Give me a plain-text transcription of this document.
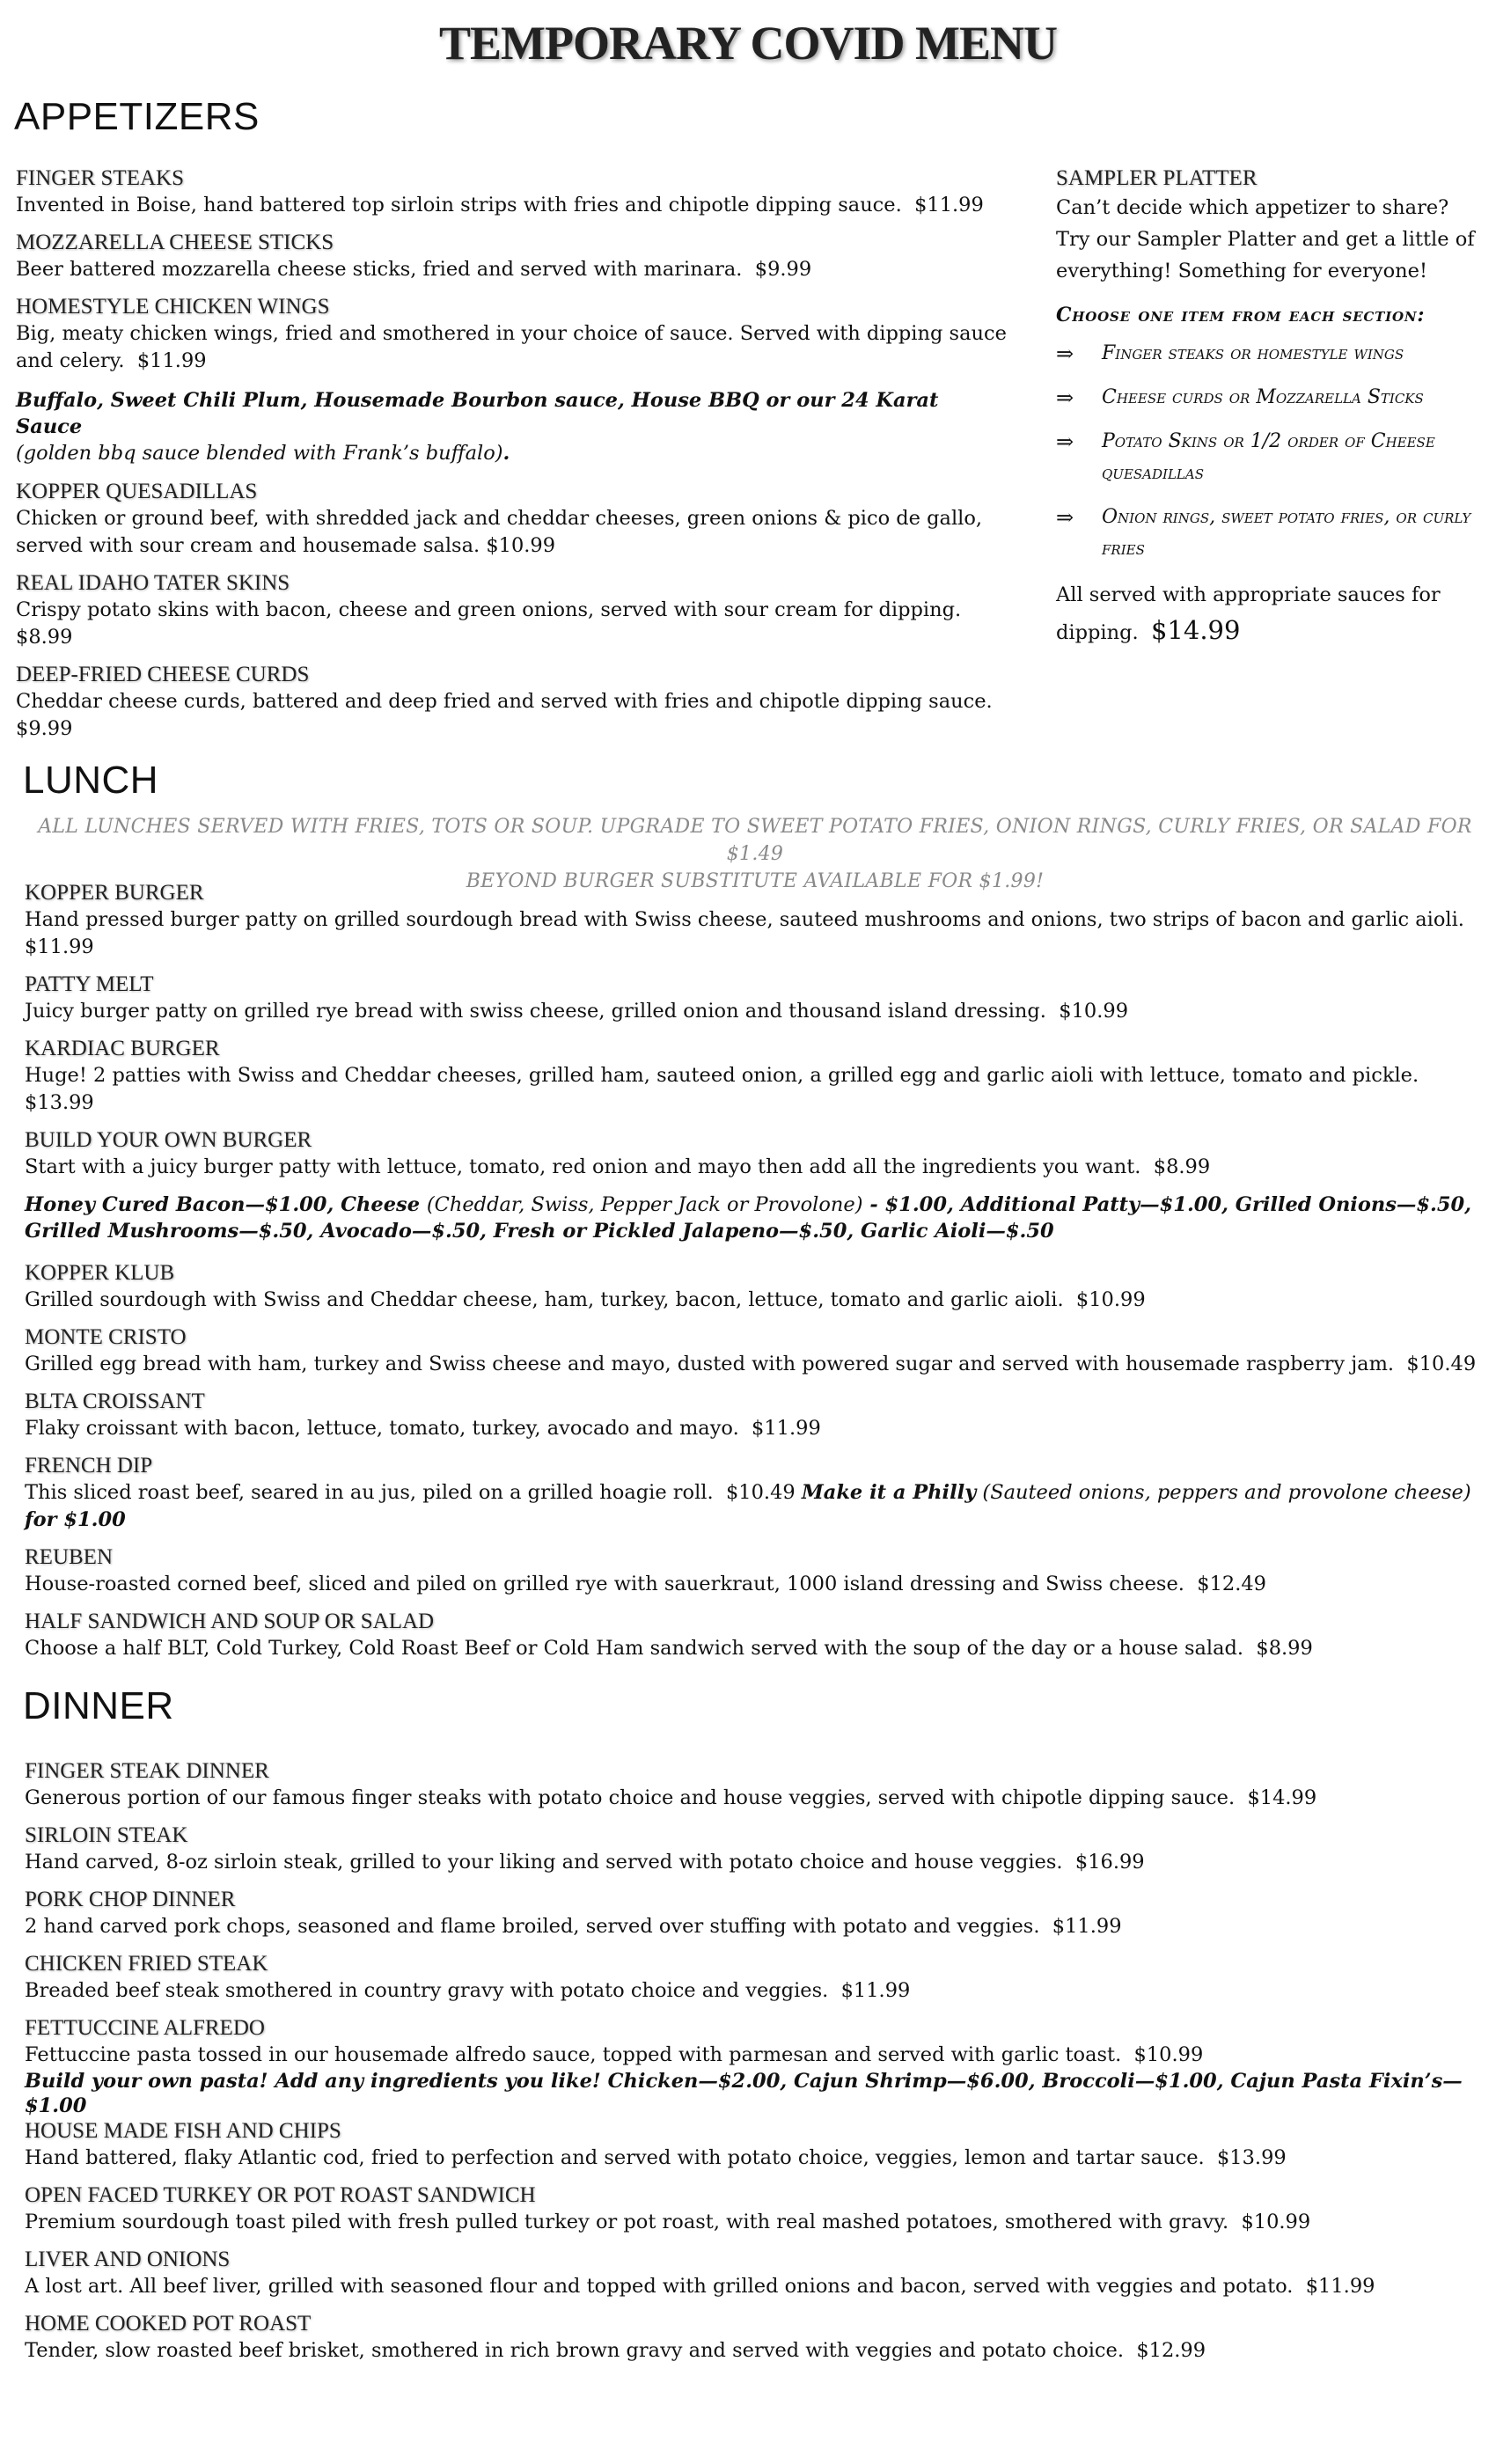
TEMPORARY COVID MENU
APPETIZERS

FINGER STEAKS

Invented in Boise, hand battered top sirloin strips with fries and chipotle dipping sauce. $11.99

MOZZARELLA CHEESE STICKS

Beer battered mozzarella cheese sticks, fried and served with marinara. $9.99

HOMESTYLE CHICKEN WINGS

Big, meaty chicken wings, fried and smothered in your choice of sauce. Served with dipping sauce and celery. $11.99

Buffalo, Sweet Chili Plum, Housemade Bourbon sauce, House BBQ or our 24 Karat Sauce
(golden bbq sauce blended with Frank’s buffalo).

KOPPER QUESADILLAS

Chicken or ground beef, with shredded jack and cheddar cheeses, green onions & pico de gallo, served with sour cream and housemade salsa. $10.99

REAL IDAHO TATER SKINS

Crispy potato skins with bacon, cheese and green onions, served with sour cream for dipping.  $8.99

DEEP-FRIED CHEESE CURDS

Cheddar cheese curds, battered and deep fried and served with fries and chipotle dipping sauce.  $9.99

SAMPLER PLATTER

Can’t decide which appetizer to share? Try our Sampler Platter and get a little of everything! Something for everyone!

Choose one item from each section:

⇒	Finger steaks or homestyle wings
⇒	Cheese curds or Mozzarella Sticks
⇒	Potato Skins or 1/2 order of Cheese quesadillas
⇒	Onion rings, sweet potato fries, or curly fries

All served with appropriate sauces for dipping. $14.99

LUNCH
ALL LUNCHES SERVED WITH FRIES, TOTS OR SOUP. UPGRADE TO SWEET POTATO FRIES, ONION RINGS, CURLY FRIES, OR SALAD FOR $1.49
BEYOND BURGER SUBSTITUTE AVAILABLE FOR $1.99!

KOPPER BURGER

Hand pressed burger patty on grilled sourdough bread with Swiss cheese, sauteed mushrooms and onions, two strips of bacon and garlic aioli.  $11.99

PATTY MELT

Juicy burger patty on grilled rye bread with swiss cheese, grilled onion and thousand island dressing. $10.99

KARDIAC BURGER

Huge! 2 patties with Swiss and Cheddar cheeses, grilled ham, sauteed onion, a grilled egg and garlic aioli with lettuce, tomato and pickle.  $13.99

BUILD YOUR OWN BURGER

Start with a juicy burger patty with lettuce, tomato, red onion and mayo then add all the ingredients you want. $8.99

Honey Cured Bacon—$1.00, Cheese (Cheddar, Swiss, Pepper Jack or Provolone) - $1.00, Additional Patty—$1.00, Grilled Onions—$.50, Grilled Mushrooms—$.50, Avocado—$.50, Fresh or Pickled Jalapeno—$.50, Garlic Aioli—$.50

KOPPER KLUB

Grilled sourdough with Swiss and Cheddar cheese, ham, turkey, bacon, lettuce, tomato and garlic aioli. $10.99

MONTE CRISTO

Grilled egg bread with ham, turkey and Swiss cheese and mayo, dusted with powered sugar and served with housemade raspberry jam. $10.49

BLTA CROISSANT

Flaky croissant with bacon, lettuce, tomato, turkey, avocado and mayo. $11.99

FRENCH DIP

This sliced roast beef, seared in au jus, piled on a grilled hoagie roll. $10.49 Make it a Philly (Sauteed onions, peppers and provolone cheese) for $1.00

REUBEN

House-roasted corned beef, sliced and piled on grilled rye with sauerkraut, 1000 island dressing and Swiss cheese. $12.49

HALF SANDWICH AND SOUP OR SALAD

Choose a half BLT, Cold Turkey, Cold Roast Beef or Cold Ham sandwich served with the soup of the day or a house salad. $8.99

DINNER

FINGER STEAK DINNER

Generous portion of our famous finger steaks with potato choice and house veggies, served with chipotle dipping sauce. $14.99

SIRLOIN STEAK

Hand carved, 8-oz sirloin steak, grilled to your liking and served with potato choice and house veggies. $16.99

PORK CHOP DINNER

2 hand carved pork chops, seasoned and flame broiled, served over stuffing with potato and veggies. $11.99

CHICKEN FRIED STEAK

Breaded beef steak smothered in country gravy with potato choice and veggies. $11.99

FETTUCCINE ALFREDO

Fettuccine pasta tossed in our housemade alfredo sauce, topped with parmesan and served with garlic toast. $10.99

Build your own pasta! Add any ingredients you like! Chicken—$2.00, Cajun Shrimp—$6.00, Broccoli—$1.00, Cajun Pasta Fixin’s—$1.00

HOUSE MADE FISH AND CHIPS

Hand battered, flaky Atlantic cod, fried to perfection and served with potato choice, veggies, lemon and tartar sauce. $13.99

OPEN FACED TURKEY OR POT ROAST SANDWICH

Premium sourdough toast piled with fresh pulled turkey or pot roast, with real mashed potatoes, smothered with gravy. $10.99

LIVER AND ONIONS

A lost art. All beef liver, grilled with seasoned flour and topped with grilled onions and bacon, served with veggies and potato. $11.99

HOME COOKED POT ROAST

Tender, slow roasted beef brisket, smothered in rich brown gravy and served with veggies and potato choice. $12.99
